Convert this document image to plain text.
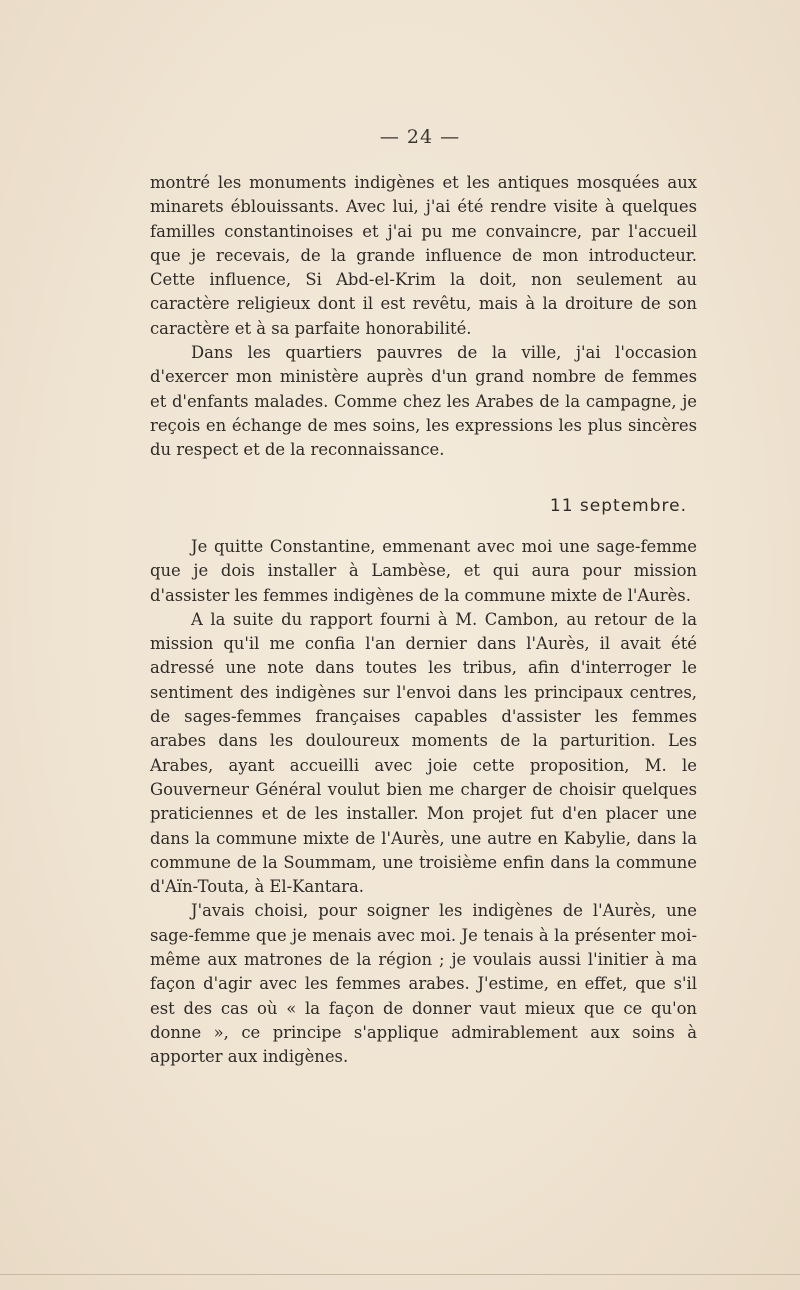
— 24 —

montré les monuments indigènes et les antiques mosquées aux minarets éblouissants. Avec lui, j'ai été rendre visite à quelques familles constantinoises et j'ai pu me convaincre, par l'accueil que je recevais, de la grande influence de mon introducteur. Cette influence, Si Abd-el-Krim la doit, non seulement au caractère religieux dont il est revêtu, mais à la droiture de son caractère et à sa parfaite honorabilité.

Dans les quartiers pauvres de la ville, j'ai l'occasion d'exercer mon ministère auprès d'un grand nombre de femmes et d'enfants malades. Comme chez les Arabes de la campagne, je reçois en échange de mes soins, les expressions les plus sincères du respect et de la reconnaissance.

11 septembre.

Je quitte Constantine, emmenant avec moi une sage-femme que je dois installer à Lambèse, et qui aura pour mission d'assister les femmes indigènes de la commune mixte de l'Aurès.

A la suite du rapport fourni à M. Cambon, au retour de la mission qu'il me confia l'an dernier dans l'Aurès, il avait été adressé une note dans toutes les tribus, afin d'interroger le sentiment des indigènes sur l'envoi dans les principaux centres, de sages-femmes françaises capables d'assister les femmes arabes dans les douloureux moments de la parturition. Les Arabes, ayant accueilli avec joie cette proposition, M. le Gouverneur Général voulut bien me charger de choisir quelques praticiennes et de les installer. Mon projet fut d'en placer une dans la commune mixte de l'Aurès, une autre en Kabylie, dans la commune de la Soummam, une troisième enfin dans la commune d'Aïn-Touta, à El-Kantara.

J'avais choisi, pour soigner les indigènes de l'Aurès, une sage-femme que je menais avec moi. Je tenais à la présenter moi-même aux matrones de la région ; je voulais aussi l'initier à ma façon d'agir avec les femmes arabes. J'estime, en effet, que s'il est des cas où « la façon de donner vaut mieux que ce qu'on donne », ce principe s'applique admirablement aux soins à apporter aux indigènes.
